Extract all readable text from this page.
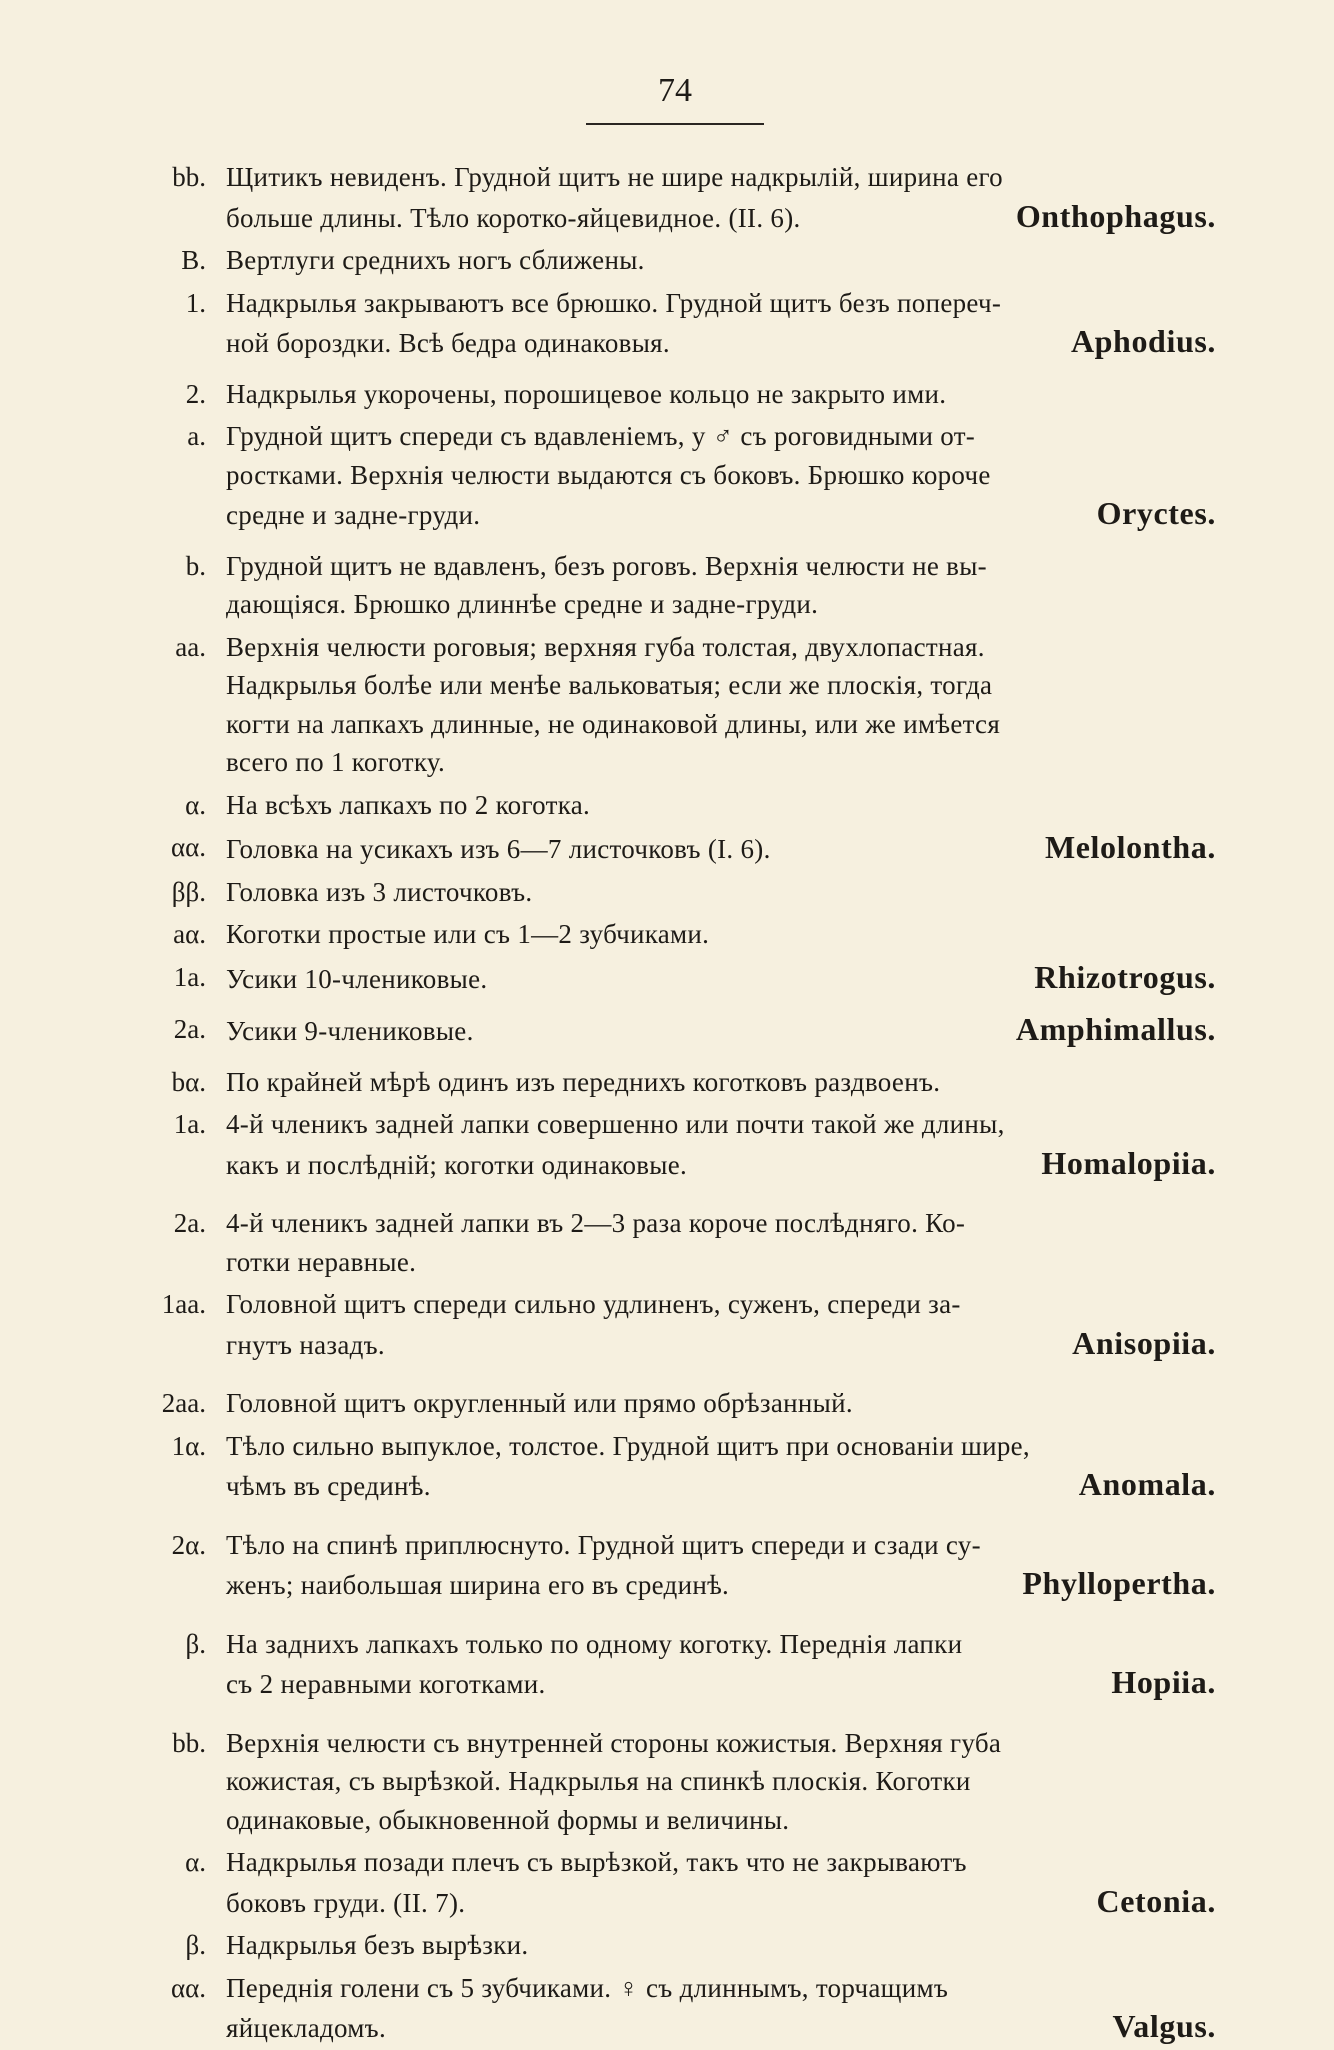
74
bb. Щитикъ невиденъ. Грудной щитъ не шире надкрылій, ширина его
больше длины. Тѣло коротко-яйцевидное. (II. 6).	Onthophagus.
B. Вертлуги среднихъ ногъ сближены.
1. Надкрылья закрываютъ все брюшко. Грудной щитъ безъ попереч-
ной бороздки. Всѣ бедра одинаковыя.	Aphodius.
2. Надкрылья укорочены, порошицевое кольцо не закрыто ими.
a. Грудной щитъ спереди съ вдавленіемъ, у ♂ съ роговидными от-
ростками. Верхнія челюсти выдаются съ боковъ. Брюшко короче
средне и задне-груди.	Oryctes.
b. Грудной щитъ не вдавленъ, безъ роговъ. Верхнія челюсти не вы-
дающіяся. Брюшко длиннѣе средне и задне-груди.
aa. Верхнія челюсти роговыя; верхняя губа толстая, двухлопастная.
Надкрылья болѣе или менѣе вальковатыя; если же плоскія, тогда
когти на лапкахъ длинные, не одинаковой длины, или же имѣется
всего по 1 коготку.
α. На всѣхъ лапкахъ по 2 коготка.
αα. Головка на усикахъ изъ 6—7 листочковъ (I. 6).	Melolontha.
ββ. Головка изъ 3 листочковъ.
aα. Коготки простые или съ 1—2 зубчиками.
1a. Усики 10-члениковые.	Rhizotrogus.
2a. Усики 9-члениковые.	Amphimallus.
bα. По крайней мѣрѣ одинъ изъ переднихъ коготковъ раздвоенъ.
1a. 4-й членикъ задней лапки совершенно или почти такой же длины,
какъ и послѣдній; коготки одинаковые.	Homalopiia.
2a. 4-й членикъ задней лапки въ 2—3 раза короче послѣдняго. Ко-
готки неравные.
1aa. Головной щитъ спереди сильно удлиненъ, суженъ, спереди за-
гнутъ назадъ.	Anisopiia.
2aa. Головной щитъ округленный или прямо обрѣзанный.
1α. Тѣло сильно выпуклое, толстое. Грудной щитъ при основаніи шире,
чѣмъ въ срединѣ.	Anomala.
2α. Тѣло на спинѣ приплюснуто. Грудной щитъ спереди и сзади су-
женъ; наибольшая ширина его въ срединѣ.	Phyllopertha.
β. На заднихъ лапкахъ только по одному коготку. Переднія лапки
съ 2 неравными коготками.	Hopiia.
bb. Верхнія челюсти съ внутренней стороны кожистыя. Верхняя губа
кожистая, съ вырѣзкой. Надкрылья на спинкѣ плоскія. Коготки
одинаковые, обыкновенной формы и величины.
α. Надкрылья позади плечъ съ вырѣзкой, такъ что не закрываютъ
боковъ груди. (II. 7).	Cetonia.
β. Надкрылья безъ вырѣзки.
αα. Переднія голени съ 5 зубчиками. ♀ съ длиннымъ, торчащимъ
яйцекладомъ.	Valgus.
